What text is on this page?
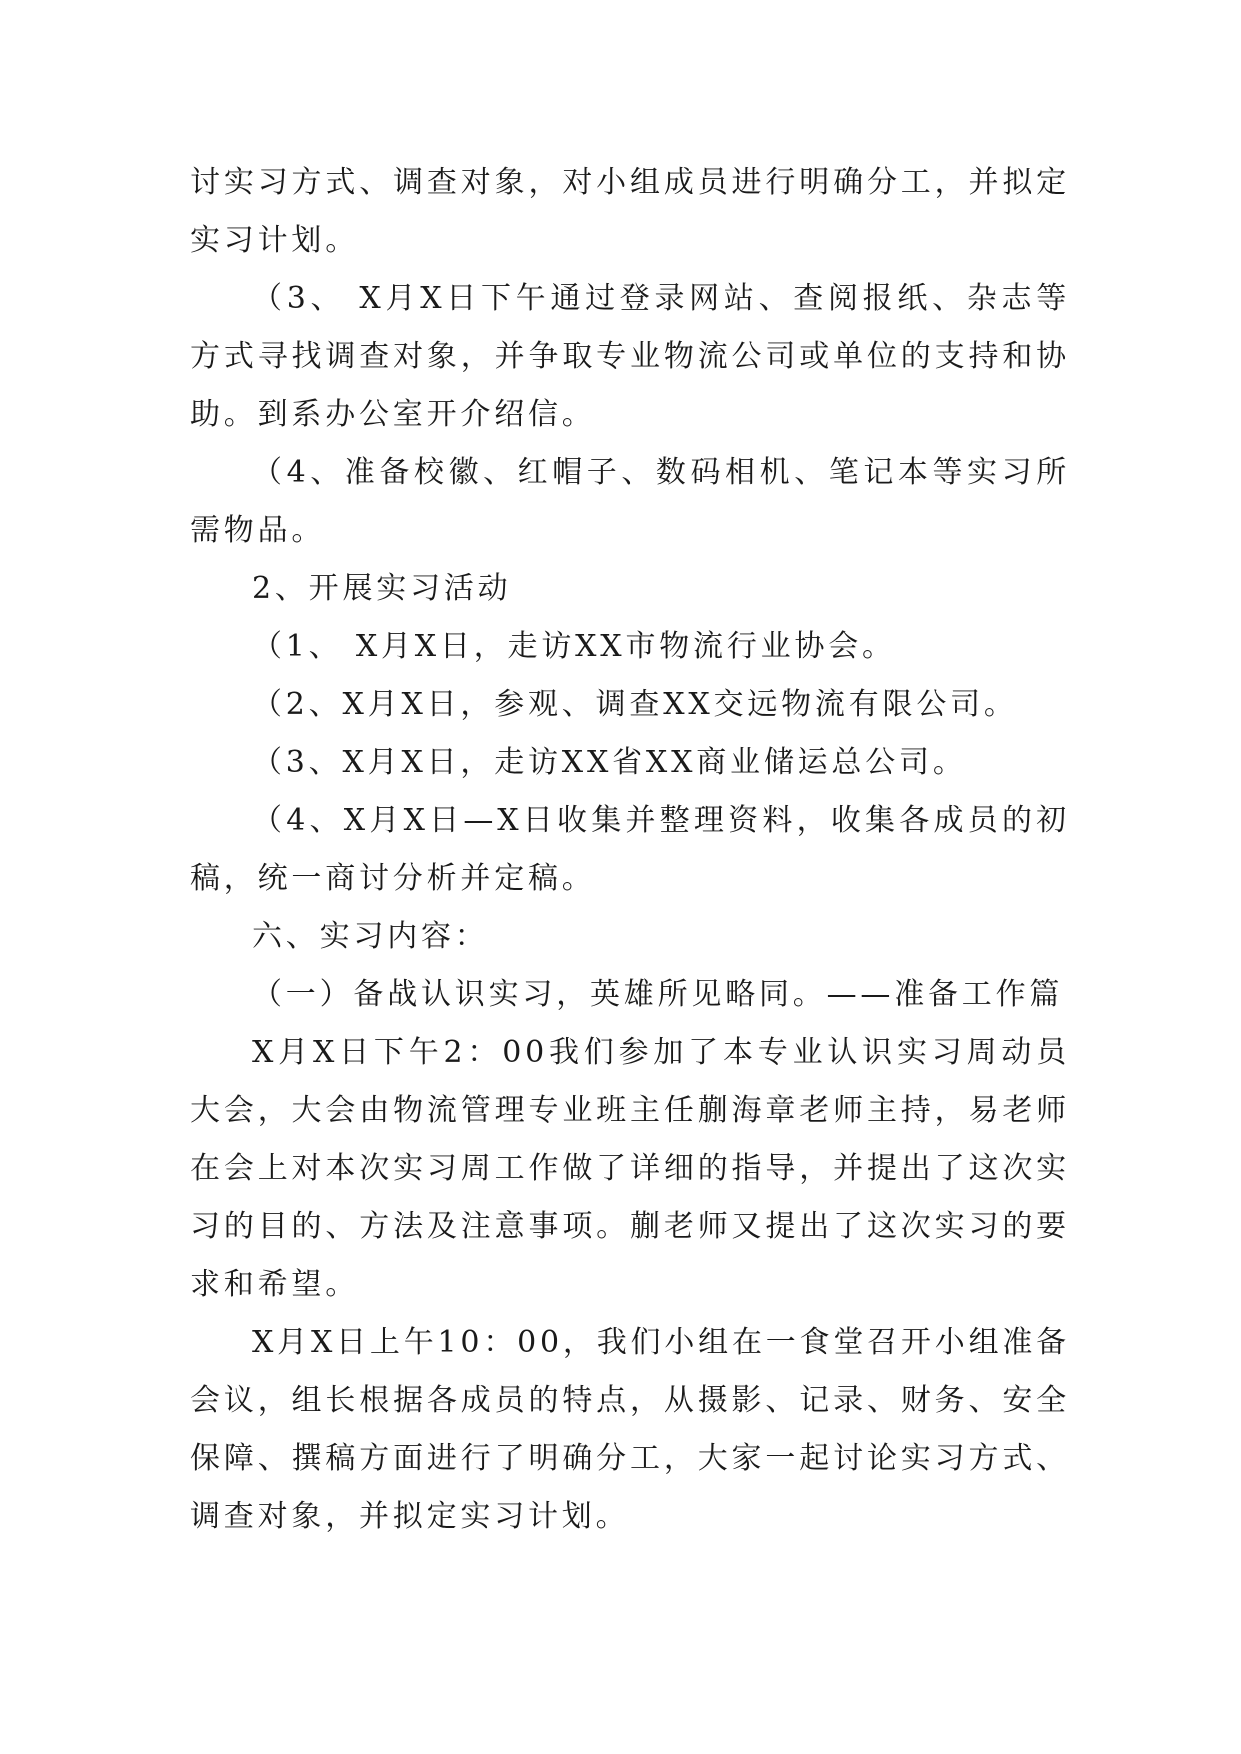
讨实习方式、调查对象，对小组成员进行明确分工，并拟定实习计划。

（3、 X月X日下午通过登录网站、查阅报纸、杂志等方式寻找调查对象，并争取专业物流公司或单位的支持和协助。到系办公室开介绍信。

（4、准备校徽、红帽子、数码相机、笔记本等实习所需物品。

2、开展实习活动

（1、 X月X日，走访XX市物流行业协会。

（2、X月X日，参观、调查XX交远物流有限公司。

（3、X月X日，走访XX省XX商业储运总公司。

（4、X月X日—X日收集并整理资料，收集各成员的初稿，统一商讨分析并定稿。

六、实习内容：

（一）备战认识实习，英雄所见略同。——准备工作篇

X月X日下午2：00我们参加了本专业认识实习周动员大会，大会由物流管理专业班主任蒯海章老师主持，易老师在会上对本次实习周工作做了详细的指导，并提出了这次实习的目的、方法及注意事项。蒯老师又提出了这次实习的要求和希望。

X月X日上午10：00，我们小组在一食堂召开小组准备会议，组长根据各成员的特点，从摄影、记录、财务、安全保障、撰稿方面进行了明确分工，大家一起讨论实习方式、调查对象，并拟定实习计划。
